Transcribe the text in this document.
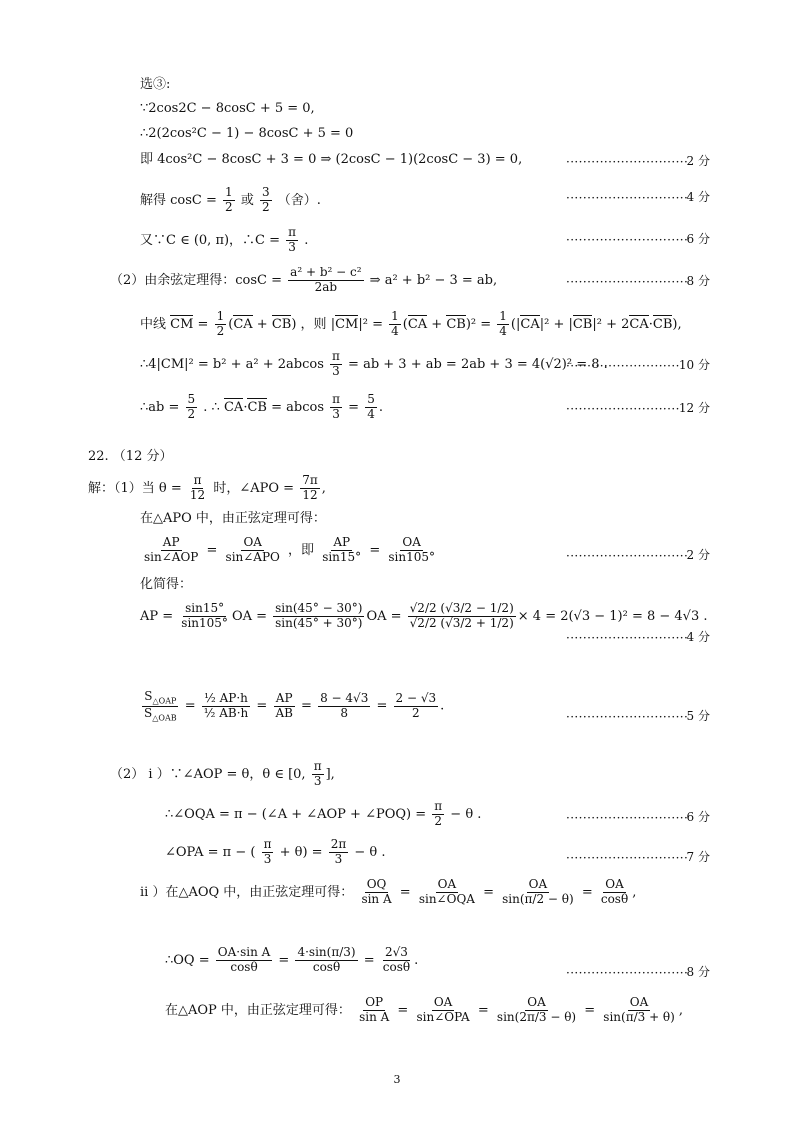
选③:
∵2cos2C − 8cosC + 5 = 0,
∴2(2cos²C − 1) − 8cosC + 5 = 0
即 4cos²C − 8cosC + 3 = 0 ⇒ (2cosC − 1)(2cosC − 3) = 0, ·····	2 分
解得 $\cos C = \frac{1}{2}$ 或 $\frac{3}{2}$ （舍）. ·····	4 分
又∵C ∈ (0, π)，∴C = $\frac{\pi}{3}$ . ·····	6 分
（2）由余弦定理得：$\cos C = \frac{\text{a² + b² − c²}}{2ab}$ ⇒ a² + b² − 3 = ab, ·····	8 分
中线 CM = $\frac{1}{2} (CA + CB)$ ，则 $|CM|^2 = \frac{1}{4} (CA + CB)^2 = \frac{1}{4} (|CA|^2 + |CB|^2 + 2CA\cdot CB)$,
∴4|CM|² = $b^2 + a^2 + 2abcos \frac{\pi}{3}$ = ab + 3 + ab = 2ab + 3 = 4(√2)² = 8 . ·····	10 分
∴ab = $\frac{5}{2}$ . ∴ CA·CB = abcos $\frac{\pi}{3} = \frac{5}{4}$ . ·····	12 分
22. （12 分）
解：（1）当 $\theta = \frac{\pi}{12}$ 时，∠APO = $\frac{7\pi}{12}$ ,
在△APO 中，由正弦定理可得：
$\frac{AP}{\text{sin∠AOP}} = \frac{OA}{\text{sin∠APO}}$ ，即 $\frac{AP}{\sin 15^\circ} = \frac{OA}{\sin 105^\circ}$ ·····	2 分
化简得：
AP = $\frac{\sin 15^\circ}{\sin 105^\circ}$ OA = $\frac{\sin(45^\circ - 30^\circ)}{\sin(45^\circ + 30^\circ)}$ OA = $\frac{√2/2 (√3/2 - 1/2)}{√2/2 (√3/2 + 1/2)} \times 4 = 2(√3 - 1)^2 = 8 - 4√3$ .
·····
4 分
$\frac{S_{\triangle OAP}}{S_{\triangle OAB}} = \frac{\text{½ AP·h}}{\text{½ AB·h}} = \frac{AP}{AB} = \frac{8 - 4√3}{8} = \frac{2 - √3}{2}$ .
·····
5 分
（2） i ）∵∠AOP = θ，θ ∈ [0, $\frac{\pi}{3}$ ],
∴∠OQA = π − (∠A + ∠AOP + ∠POQ) = $\frac{\pi}{2} - \theta$ . ·····	6 分
∠OPA = π − ( $\frac{\pi}{3} + \theta) = \frac{2\pi}{3} - \theta$ . ·····	7 分
ii ）在△AOQ 中，由正弦定理可得： $\frac{OQ}{\text{sin A}} = \frac{OA}{\text{sin∠OQA}} = \frac{OA}{\sin(\pi/2 - \theta)} = \frac{OA}{\cos\theta}$ ,
∴OQ = $\frac{\text{OA·sin A}}{\cos\theta} = \frac{4\cdot\sin(\pi/3)}{\cos\theta} = \frac{2√3}{\cos\theta}$ .
·····
8 分
在△AOP 中，由正弦定理可得： $\frac{OP}{\text{sin A}} = \frac{OA}{\text{sin∠OPA}} = \frac{OA}{\sin(2\pi/3 - \theta)} = \frac{OA}{\sin(\pi/3 + \theta)}$ ,
3
